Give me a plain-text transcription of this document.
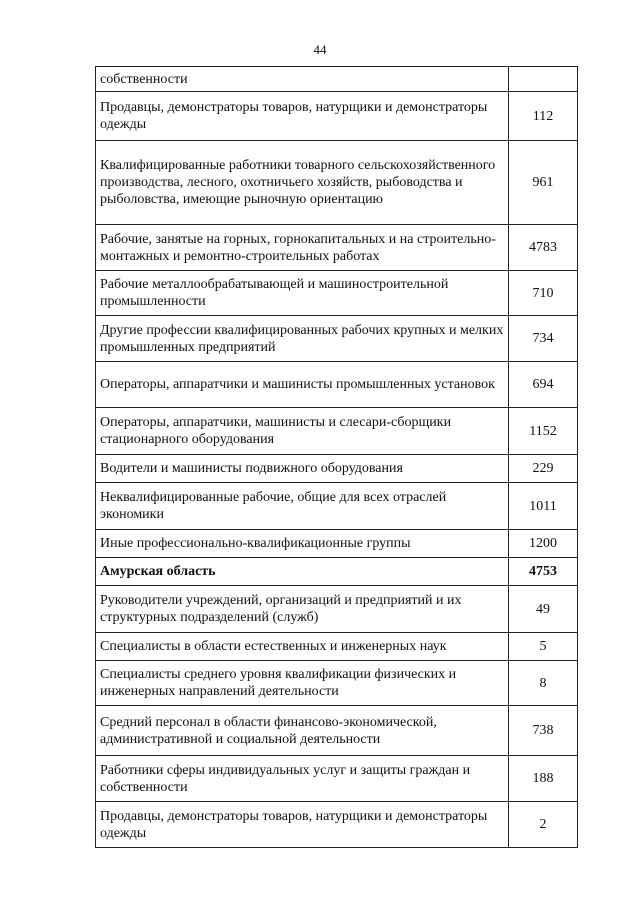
44
собственности	
Продавцы, демонстраторы товаров, натурщики и демонстраторы одежды	112
Квалифицированные работники товарного сельскохозяйственного производства, лесного, охотничьего хозяйств, рыбоводства и рыболовства, имеющие рыночную ориентацию	961
Рабочие, занятые на горных, горнокапитальных и на строительно-монтажных и ремонтно-строительных работах	4783
Рабочие металлообрабатывающей и машиностроительной промышленности	710
Другие профессии квалифицированных рабочих крупных и мелких промышленных предприятий	734
Операторы, аппаратчики и машинисты промышленных установок	694
Операторы, аппаратчики, машинисты и слесари-сборщики стационарного оборудования	1152
Водители и машинисты подвижного оборудования	229
Неквалифицированные рабочие, общие для всех отраслей экономики	1011
Иные профессионально-квалификационные группы	1200
Амурская область	4753
Руководители учреждений, организаций и предприятий и их структурных подразделений (служб)	49
Специалисты в области естественных и инженерных наук	5
Специалисты среднего уровня квалификации физических и инженерных направлений деятельности	8
Средний персонал в области финансово-экономической, административной и социальной деятельности	738
Работники сферы индивидуальных услуг и защиты граждан и собственности	188
Продавцы, демонстраторы товаров, натурщики и демонстраторы одежды	2
